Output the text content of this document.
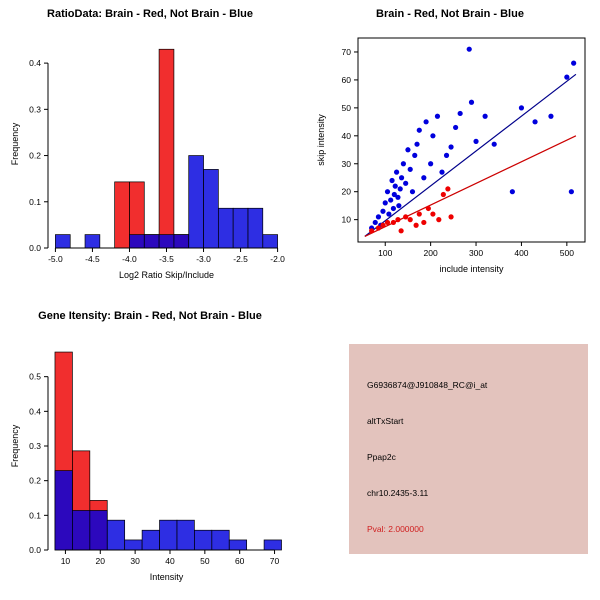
RatioData: Brain - Red, Not Brain - Blue
-5.0	-4.5	-4.0	-3.5	-3.0	-2.5	-2.0
0.0
0.1
0.2
0.3
0.4
Log2 Ratio Skip/Include
Frequency
Brain - Red, Not Brain - Blue
100	200	300	400	500
10
20
30
40
50
60
70
include intensity
skip intensity
Gene Itensity: Brain - Red, Not Brain - Blue
10	20	30	40	50	60	70
0.0
0.1
0.2
0.3
0.4
0.5
Intensity
Frequency
G6936874@J910848_RC@i_at
altTxStart
Ppap2c
chr10.2435-3.11
Pval: 2.000000
